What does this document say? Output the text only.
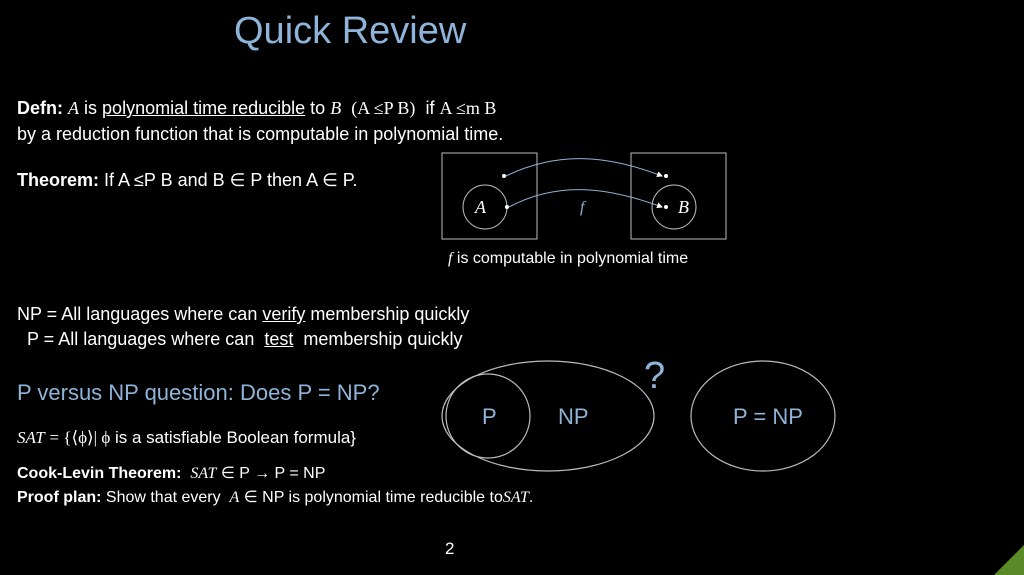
Quick Review
Defn: A is polynomial time reducible to B (A ≤P B) if A ≤m B
by a reduction function that is computable in polynomial time.
Theorem: If A ≤P B and B ∈ P then A ∈ P.
A	B
f
f is computable in polynomial time
NP = All languages where can verify membership quickly
P = All languages where can test membership quickly
P versus NP question: Does P = NP?
SAT = {⟨ϕ⟩| ϕ is a satisfiable Boolean formula}
Cook-Levin Theorem: SAT ∈ P → P = NP
Proof plan: Show that every A ∈ NP is polynomial time reducible toSAT.
P	NP
?
P = NP
2
